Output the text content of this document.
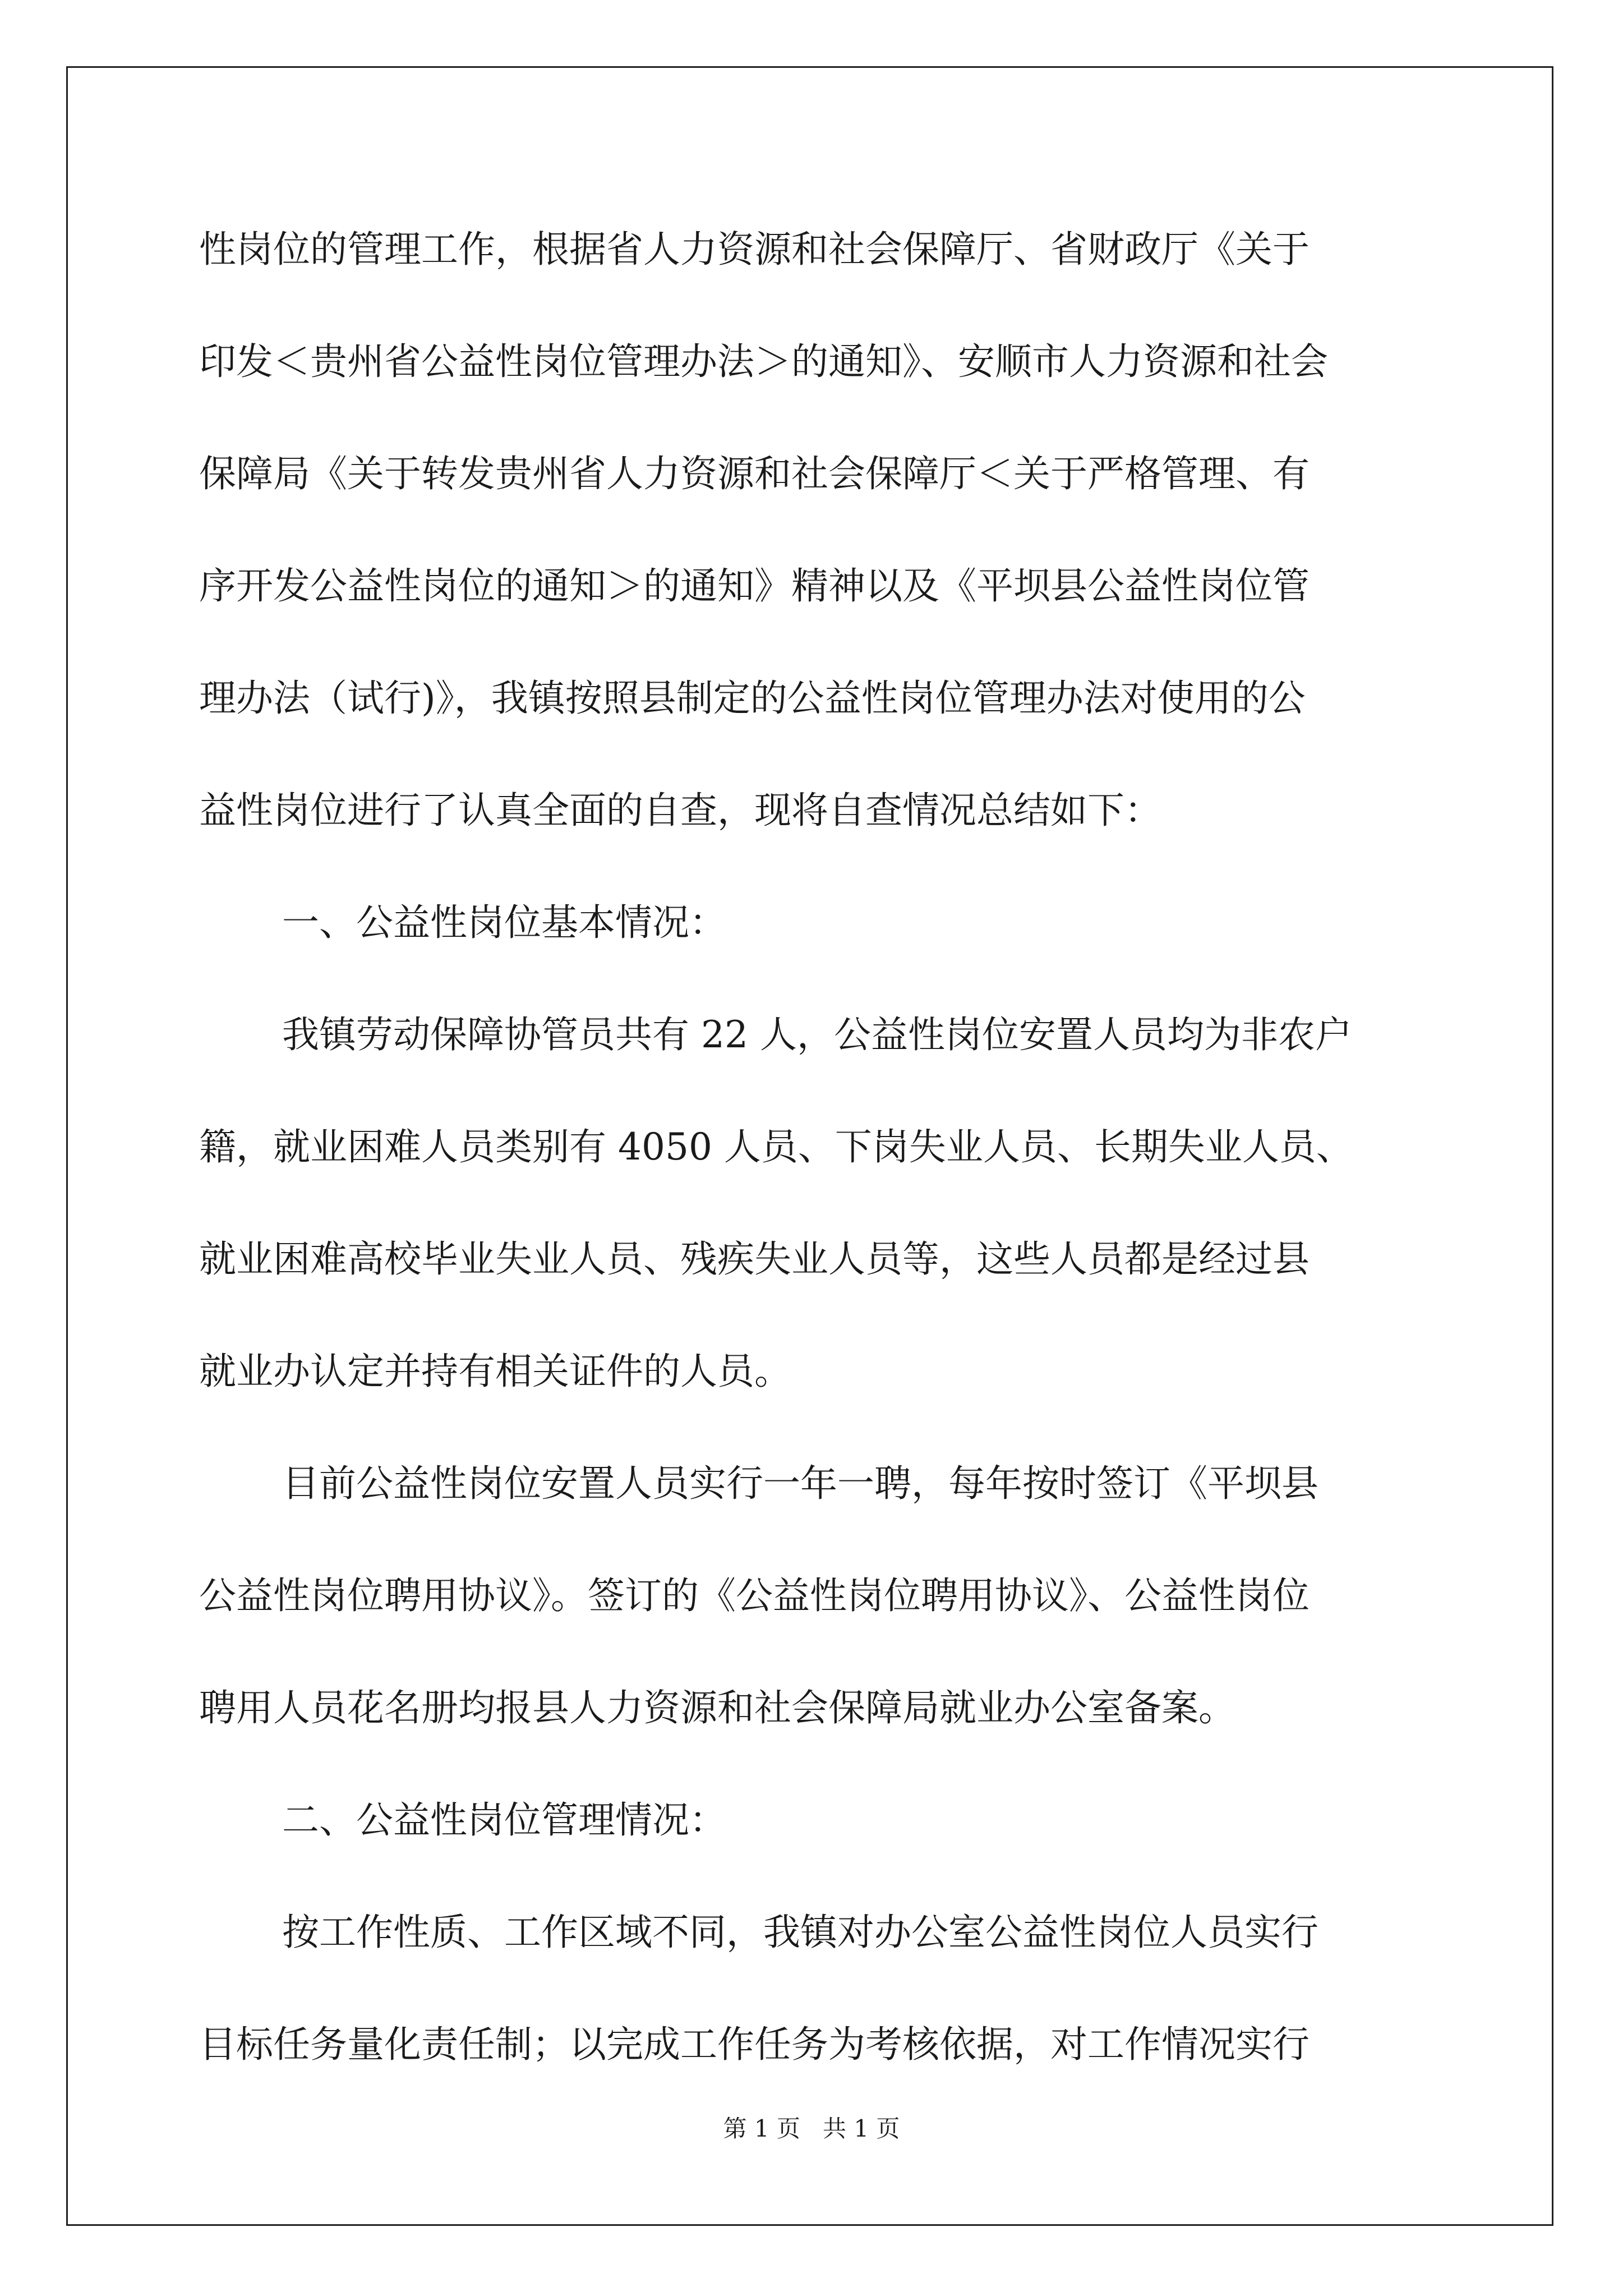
性岗位的管理工作，根据省人力资源和社会保障厅、省财政厅《关于
印发＜贵州省公益性岗位管理办法＞的通知》、安顺市人力资源和社会
保障局《关于转发贵州省人力资源和社会保障厅＜关于严格管理、有
序开发公益性岗位的通知＞的通知》精神以及《平坝县公益性岗位管
理办法（试行)》，我镇按照县制定的公益性岗位管理办法对使用的公
益性岗位进行了认真全面的自查，现将自查情况总结如下：
一、公益性岗位基本情况：
我镇劳动保障协管员共有 22 人，公益性岗位安置人员均为非农户
籍，就业困难人员类别有 4050 人员、下岗失业人员、长期失业人员、
就业困难高校毕业失业人员、残疾失业人员等，这些人员都是经过县
就业办认定并持有相关证件的人员。
目前公益性岗位安置人员实行一年一聘，每年按时签订《平坝县
公益性岗位聘用协议》。签订的《公益性岗位聘用协议》、公益性岗位
聘用人员花名册均报县人力资源和社会保障局就业办公室备案。
二、公益性岗位管理情况：
按工作性质、工作区域不同，我镇对办公室公益性岗位人员实行
目标任务量化责任制；以完成工作任务为考核依据，对工作情况实行
第 1 页 共 1 页
